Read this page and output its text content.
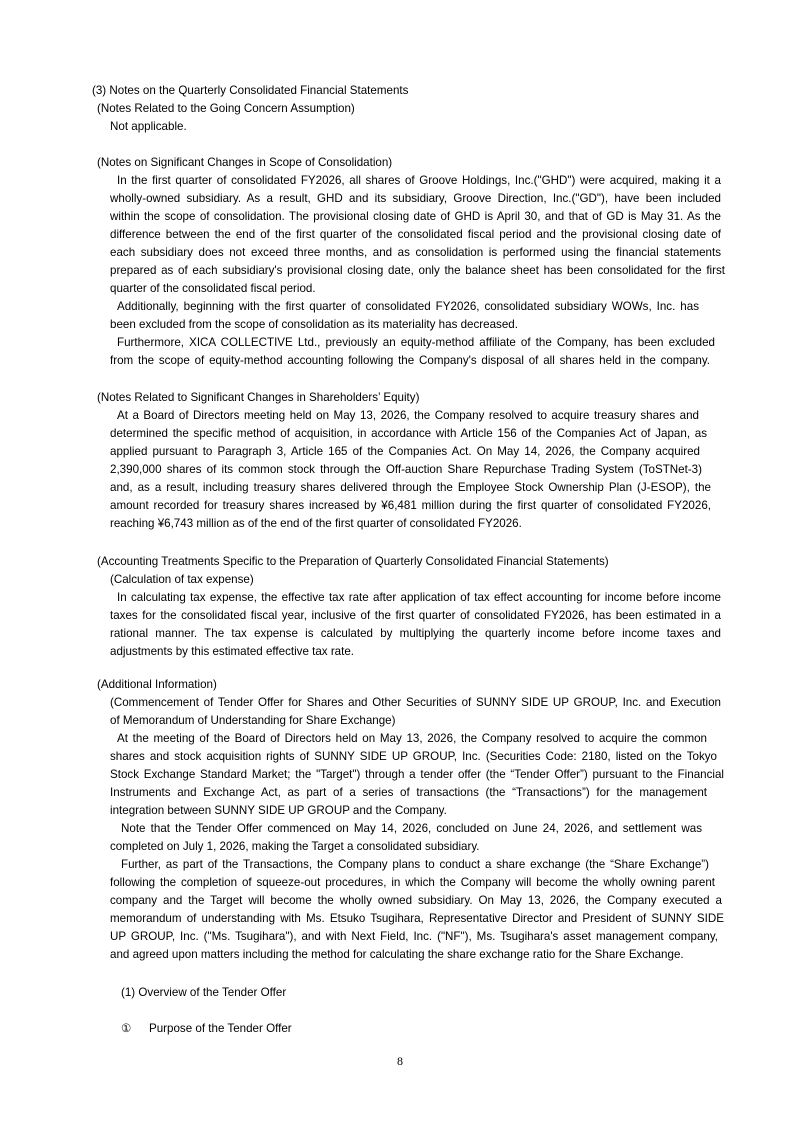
(3) Notes on the Quarterly Consolidated Financial Statements

(Notes Related to the Going Concern Assumption)

Not applicable.

(Notes on Significant Changes in Scope of Consolidation)

In the first quarter of consolidated FY2026, all shares of Groove Holdings, Inc.("GHD") were acquired, making it a

wholly-owned subsidiary. As a result, GHD and its subsidiary, Groove Direction, Inc.("GD"), have been included

within the scope of consolidation. The provisional closing date of GHD is April 30, and that of GD is May 31. As the

difference between the end of the first quarter of the consolidated fiscal period and the provisional closing date of

each subsidiary does not exceed three months, and as consolidation is performed using the financial statements

prepared as of each subsidiary's provisional closing date, only the balance sheet has been consolidated for the first

quarter of the consolidated fiscal period.

Additionally, beginning with the first quarter of consolidated FY2026, consolidated subsidiary WOWs, Inc. has

been excluded from the scope of consolidation as its materiality has decreased.

Furthermore, XICA COLLECTIVE Ltd., previously an equity-method affiliate of the Company, has been excluded

from the scope of equity-method accounting following the Company's disposal of all shares held in the company.

(Notes Related to Significant Changes in Shareholders’ Equity)

At a Board of Directors meeting held on May 13, 2026, the Company resolved to acquire treasury shares and

determined the specific method of acquisition, in accordance with Article 156 of the Companies Act of Japan, as

applied pursuant to Paragraph 3, Article 165 of the Companies Act. On May 14, 2026, the Company acquired

2,390,000 shares of its common stock through the Off-auction Share Repurchase Trading System (ToSTNet-3)

and, as a result, including treasury shares delivered through the Employee Stock Ownership Plan (J-ESOP), the

amount recorded for treasury shares increased by ¥6,481 million during the first quarter of consolidated FY2026,

reaching ¥6,743 million as of the end of the first quarter of consolidated FY2026.

(Accounting Treatments Specific to the Preparation of Quarterly Consolidated Financial Statements)

(Calculation of tax expense)

In calculating tax expense, the effective tax rate after application of tax effect accounting for income before income

taxes for the consolidated fiscal year, inclusive of the first quarter of consolidated FY2026, has been estimated in a

rational manner. The tax expense is calculated by multiplying the quarterly income before income taxes and

adjustments by this estimated effective tax rate.

(Additional Information)

(Commencement of Tender Offer for Shares and Other Securities of SUNNY SIDE UP GROUP, Inc. and Execution

of Memorandum of Understanding for Share Exchange)

At the meeting of the Board of Directors held on May 13, 2026, the Company resolved to acquire the common

shares and stock acquisition rights of SUNNY SIDE UP GROUP, Inc. (Securities Code: 2180, listed on the Tokyo

Stock Exchange Standard Market; the "Target") through a tender offer (the “Tender Offer”) pursuant to the Financial

Instruments and Exchange Act, as part of a series of transactions (the “Transactions”) for the management

integration between SUNNY SIDE UP GROUP and the Company.

Note that the Tender Offer commenced on May 14, 2026, concluded on June 24, 2026, and settlement was

completed on July 1, 2026, making the Target a consolidated subsidiary.

Further, as part of the Transactions, the Company plans to conduct a share exchange (the “Share Exchange”)

following the completion of squeeze-out procedures, in which the Company will become the wholly owning parent

company and the Target will become the wholly owned subsidiary. On May 13, 2026, the Company executed a

memorandum of understanding with Ms. Etsuko Tsugihara, Representative Director and President of SUNNY SIDE

UP GROUP, Inc. ("Ms. Tsugihara"), and with Next Field, Inc. ("NF"), Ms. Tsugihara's asset management company,

and agreed upon matters including the method for calculating the share exchange ratio for the Share Exchange.

(1) Overview of the Tender Offer

① Purpose of the Tender Offer

8
